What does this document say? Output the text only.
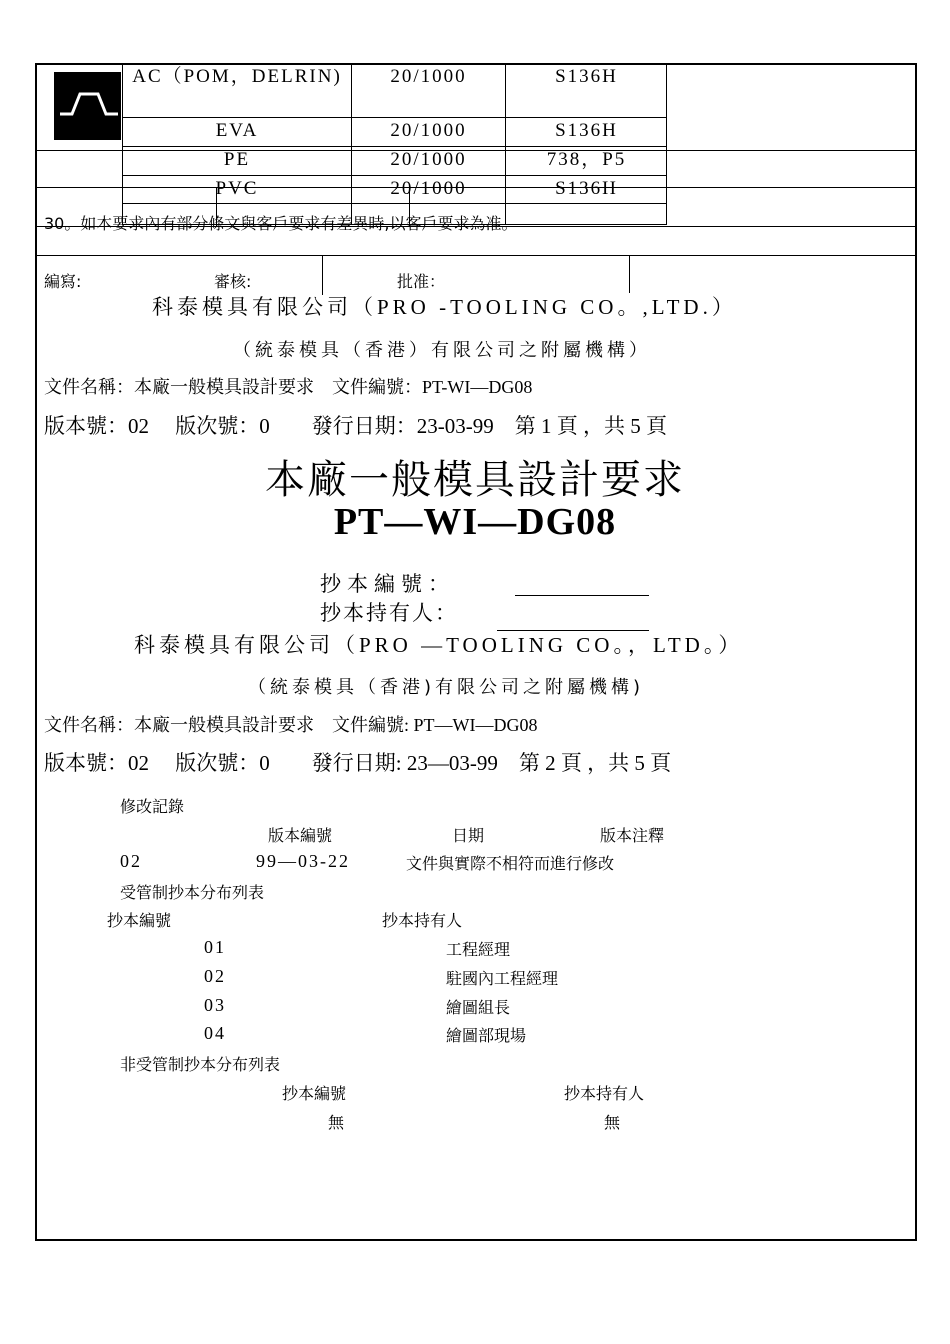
AC（POM，DELRIN)	20/1000	S136H
EVA	20/1000	S136H
PE	20/1000	738，P5
PVC	20/1000	S136H
30。如本要求內有部分條文與客戶要求有差異時,以客戶要求為准。
編寫:	審核:	批准：
科泰模具有限公司（PRO -TOOLING CO。,LTD.）
（統泰模具（香港）有限公司之附屬機構）
文件名稱：本廠一般模具設計要求　文件編號：PT-WI—DG08
版本號：02　 版次號：0　　發行日期：23-03-99　第 1 頁 ，共 5 頁
本廠一般模具設計要求
PT—WI—DG08
抄本編號：
抄本持有人：
科泰模具有限公司（PRO —TOOLING CO。，LTD。）
（統泰模具（香港)有限公司之附屬機構)
文件名稱：本廠一般模具設計要求　文件編號: PT—WI—DG08
版本號：02　 版次號：0　　發行日期: 23—03-99　第 2 頁 ，共 5 頁
修改記錄
版本編號	日期	版本注釋
02	99—03-22	文件與實際不相符而進行修改
受管制抄本分布列表
抄本編號	抄本持有人
01	工程經理
02	駐國內工程經理
03	繪圖組長
04	繪圖部現場
非受管制抄本分布列表
抄本編號	抄本持有人
無	無
